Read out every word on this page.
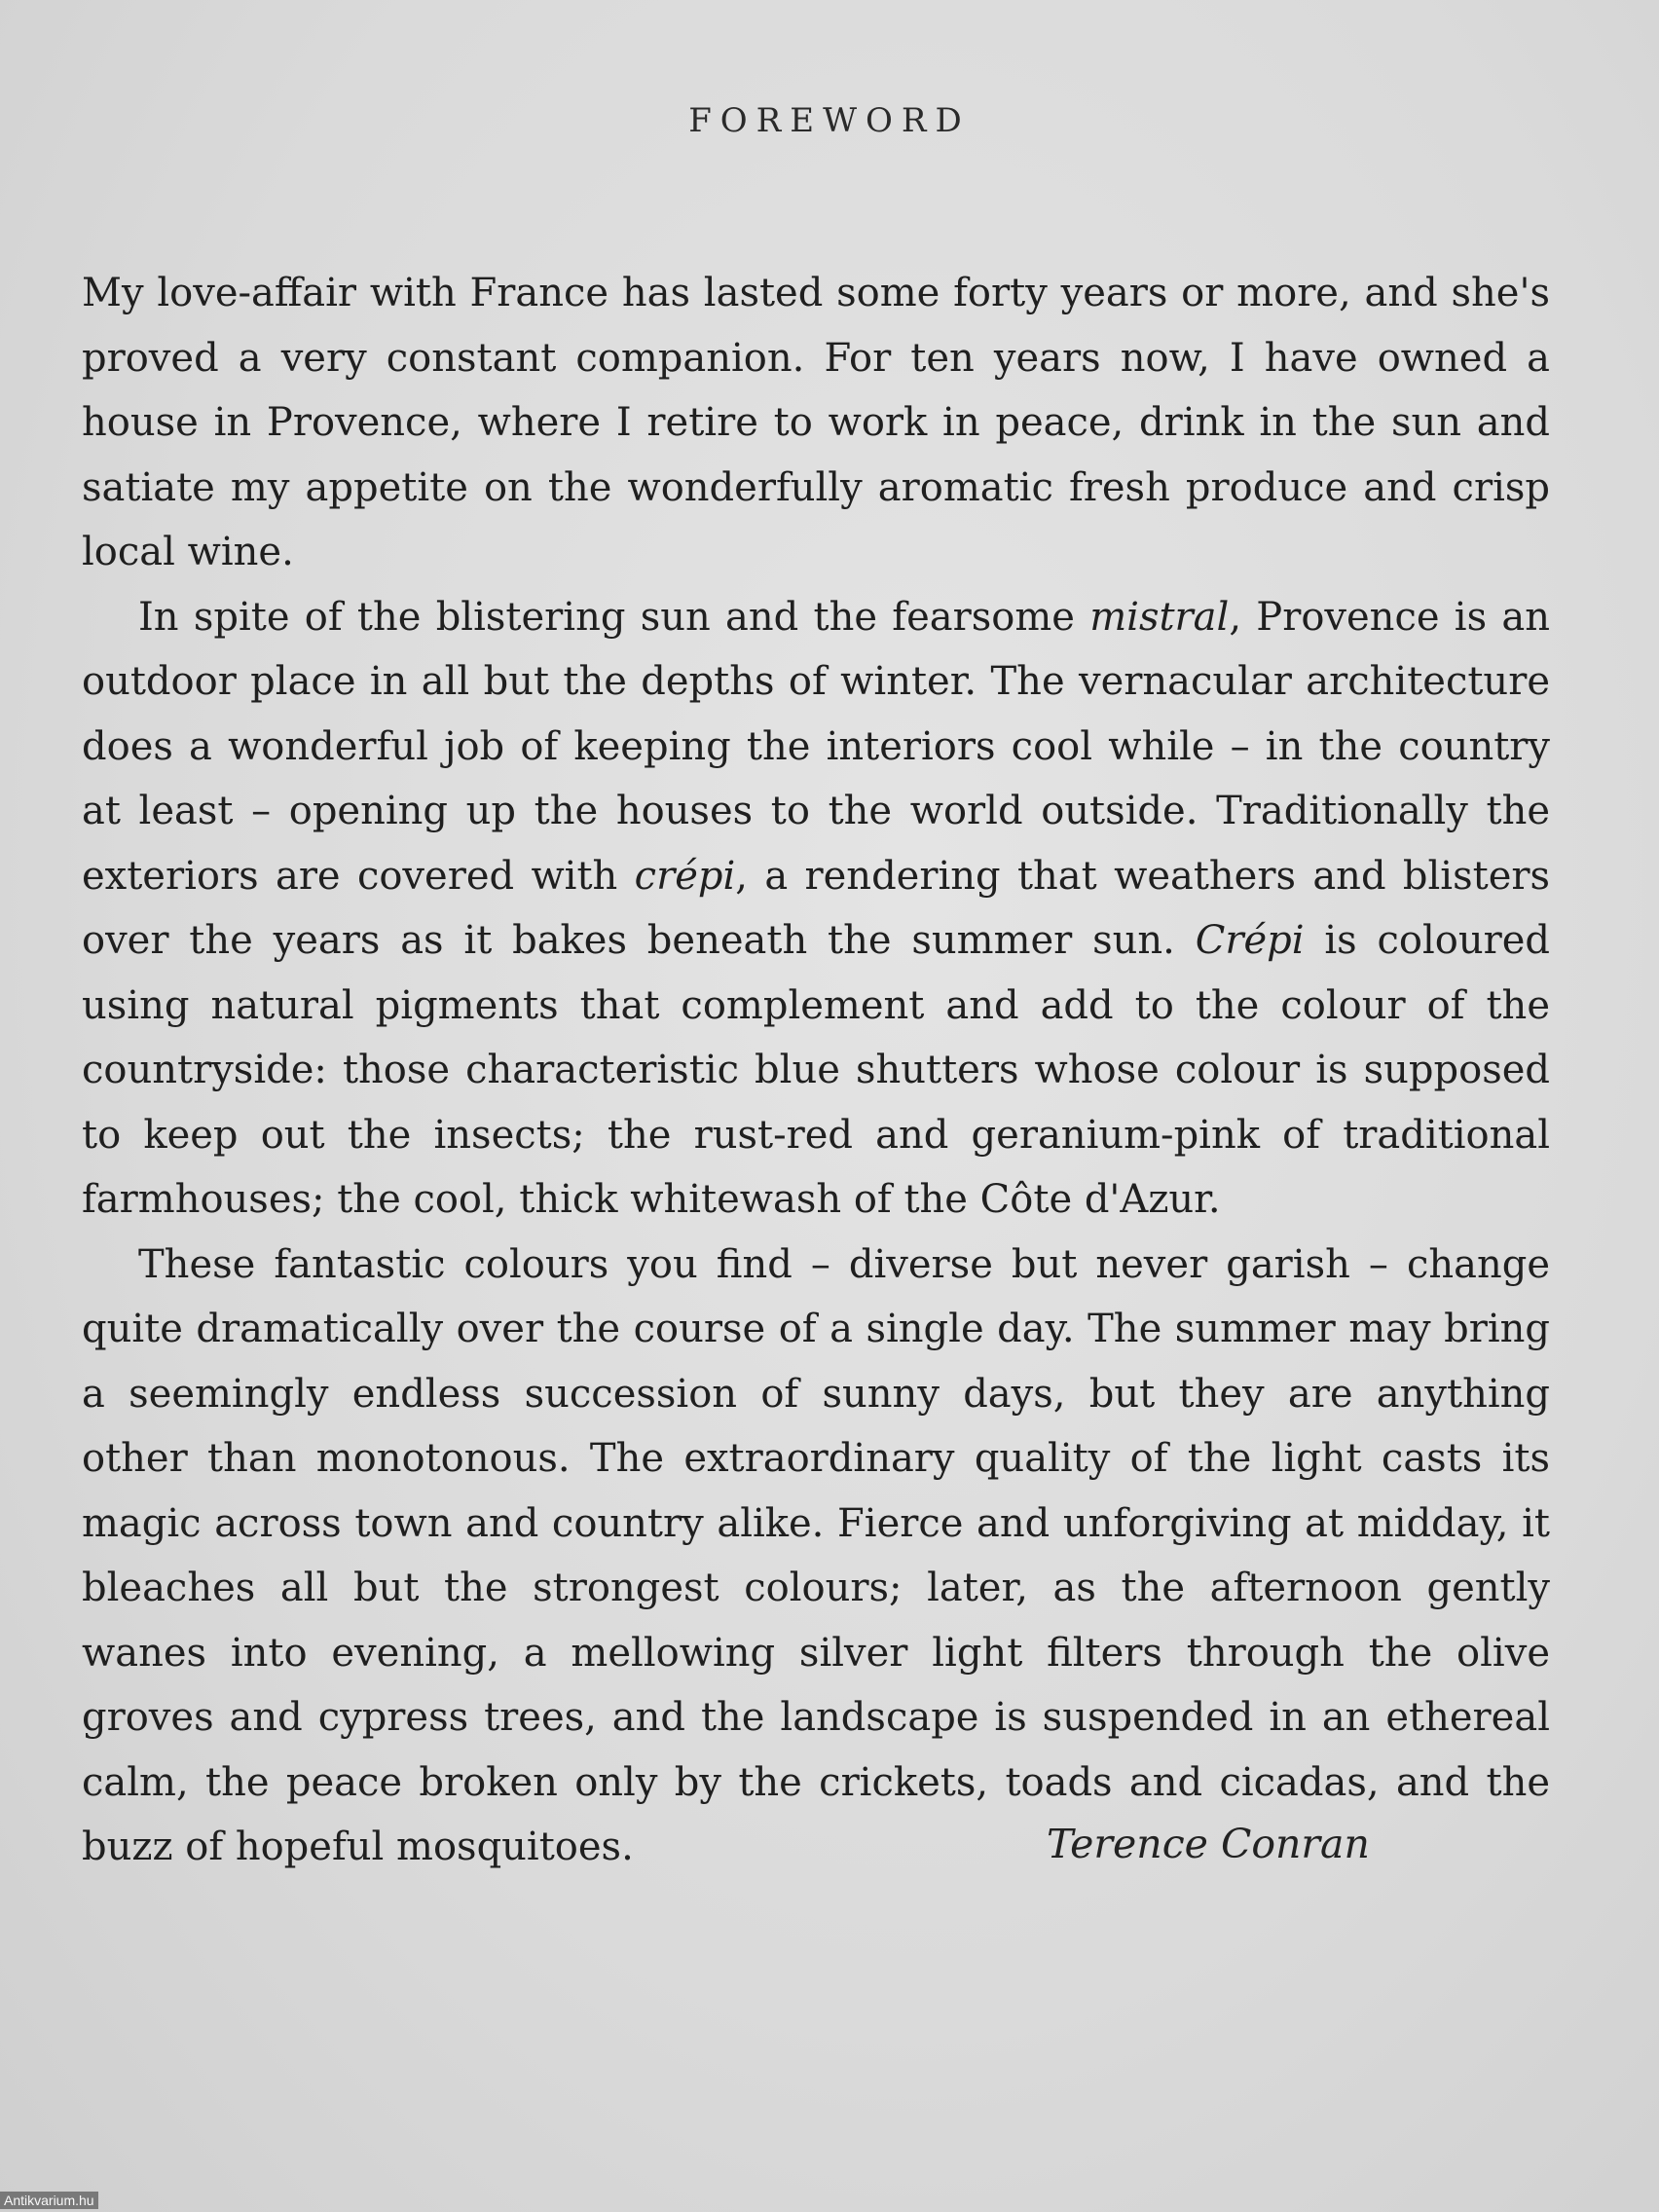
FOREWORD

My love-affair with France has lasted some forty years or more, and she's proved a very constant companion. For ten years now, I have owned a house in Provence, where I retire to work in peace, drink in the sun and satiate my appetite on the wonderfully aromatic fresh produce and crisp local wine.

In spite of the blistering sun and the fearsome mistral, Provence is an outdoor place in all but the depths of winter. The vernacular architecture does a wonderful job of keeping the interiors cool while – in the country at least – opening up the houses to the world outside. Traditionally the exteriors are covered with crépi, a rendering that weathers and blisters over the years as it bakes beneath the summer sun. Crépi is coloured using natural pigments that complement and add to the colour of the countryside: those characteristic blue shutters whose colour is supposed to keep out the insects; the rust-red and geranium-pink of traditional farmhouses; the cool, thick whitewash of the Côte d'Azur.

These fantastic colours you find – diverse but never garish – change quite dramatically over the course of a single day. The summer may bring a seemingly endless succession of sunny days, but they are anything other than monotonous. The extraordinary quality of the light casts its magic across town and country alike. Fierce and unforgiving at midday, it bleaches all but the strongest colours; later, as the afternoon gently wanes into evening, a mellowing silver light filters through the olive groves and cypress trees, and the landscape is suspended in an ethereal calm, the peace broken only by the crickets, toads and cicadas, and the buzz of hopeful mosquitoes.	Terence Conran
Antikvarium.hu
